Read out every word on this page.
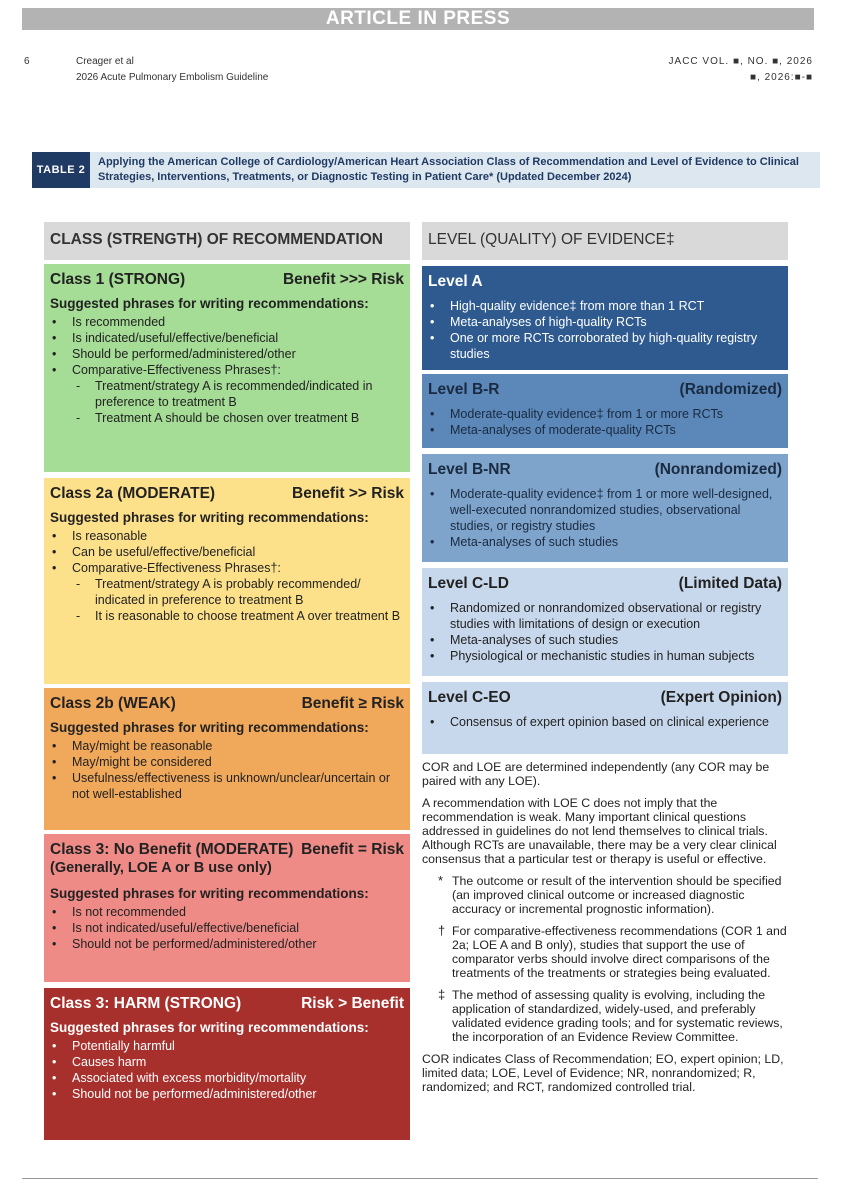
ARTICLE IN PRESS
6	Creager et al
2026 Acute Pulmonary Embolism Guideline
JACC VOL. ■, NO. ■, 2026
■, 2026:■-■
TABLE 2
Applying the American College of Cardiology/American Heart Association Class of Recommendation and Level of Evidence to Clinical Strategies, Interventions, Treatments, or Diagnostic Testing in Patient Care* (Updated December 2024)
CLASS (STRENGTH) OF RECOMMENDATION
Class 1 (STRONG)	Benefit >>> Risk
Suggested phrases for writing recommendations:
• Is recommended
• Is indicated/useful/effective/beneficial
• Should be performed/administered/other
• Comparative-Effectiveness Phrases†:
- Treatment/strategy A is recommended/indicated in preference to treatment B
- Treatment A should be chosen over treatment B
Class 2a (MODERATE)	Benefit >> Risk
Suggested phrases for writing recommendations:
• Is reasonable
• Can be useful/effective/beneficial
• Comparative-Effectiveness Phrases†:
- Treatment/strategy A is probably recommended/ indicated in preference to treatment B
- It is reasonable to choose treatment A over treatment B
Class 2b (WEAK)	Benefit ≥ Risk
Suggested phrases for writing recommendations:
• May/might be reasonable
• May/might be considered
• Usefulness/effectiveness is unknown/unclear/uncertain or not well-established
Class 3: No Benefit (MODERATE) Benefit = Risk
(Generally, LOE A or B use only)
Suggested phrases for writing recommendations:
• Is not recommended
• Is not indicated/useful/effective/beneficial
• Should not be performed/administered/other
Class 3: HARM (STRONG)	Risk > Benefit
Suggested phrases for writing recommendations:
• Potentially harmful
• Causes harm
• Associated with excess morbidity/mortality
• Should not be performed/administered/other
LEVEL (QUALITY) OF EVIDENCE‡
Level A
• High-quality evidence‡ from more than 1 RCT
• Meta-analyses of high-quality RCTs
• One or more RCTs corroborated by high-quality registry studies
Level B-R	(Randomized)
• Moderate-quality evidence‡ from 1 or more RCTs
• Meta-analyses of moderate-quality RCTs
Level B-NR	(Nonrandomized)
• Moderate-quality evidence‡ from 1 or more well-designed, well-executed nonrandomized studies, observational studies, or registry studies
• Meta-analyses of such studies
Level C-LD	(Limited Data)
• Randomized or nonrandomized observational or registry studies with limitations of design or execution
• Meta-analyses of such studies
• Physiological or mechanistic studies in human subjects
Level C-EO	(Expert Opinion)
• Consensus of expert opinion based on clinical experience

COR and LOE are determined independently (any COR may be paired with any LOE).

A recommendation with LOE C does not imply that the recommendation is weak. Many important clinical questions addressed in guidelines do not lend themselves to clinical trials. Although RCTs are unavailable, there may be a very clear clinical consensus that a particular test or therapy is useful or effective.

* The outcome or result of the intervention should be specified (an improved clinical outcome or increased diagnostic accuracy or incremental prognostic information).
† For comparative-effectiveness recommendations (COR 1 and 2a; LOE A and B only), studies that support the use of comparator verbs should involve direct comparisons of the treatments of the treatments or strategies being evaluated.
‡ The method of assessing quality is evolving, including the application of standardized, widely-used, and preferably validated evidence grading tools; and for systematic reviews, the incorporation of an Evidence Review Committee.

COR indicates Class of Recommendation; EO, expert opinion; LD, limited data; LOE, Level of Evidence; NR, nonrandomized; R, randomized; and RCT, randomized controlled trial.
